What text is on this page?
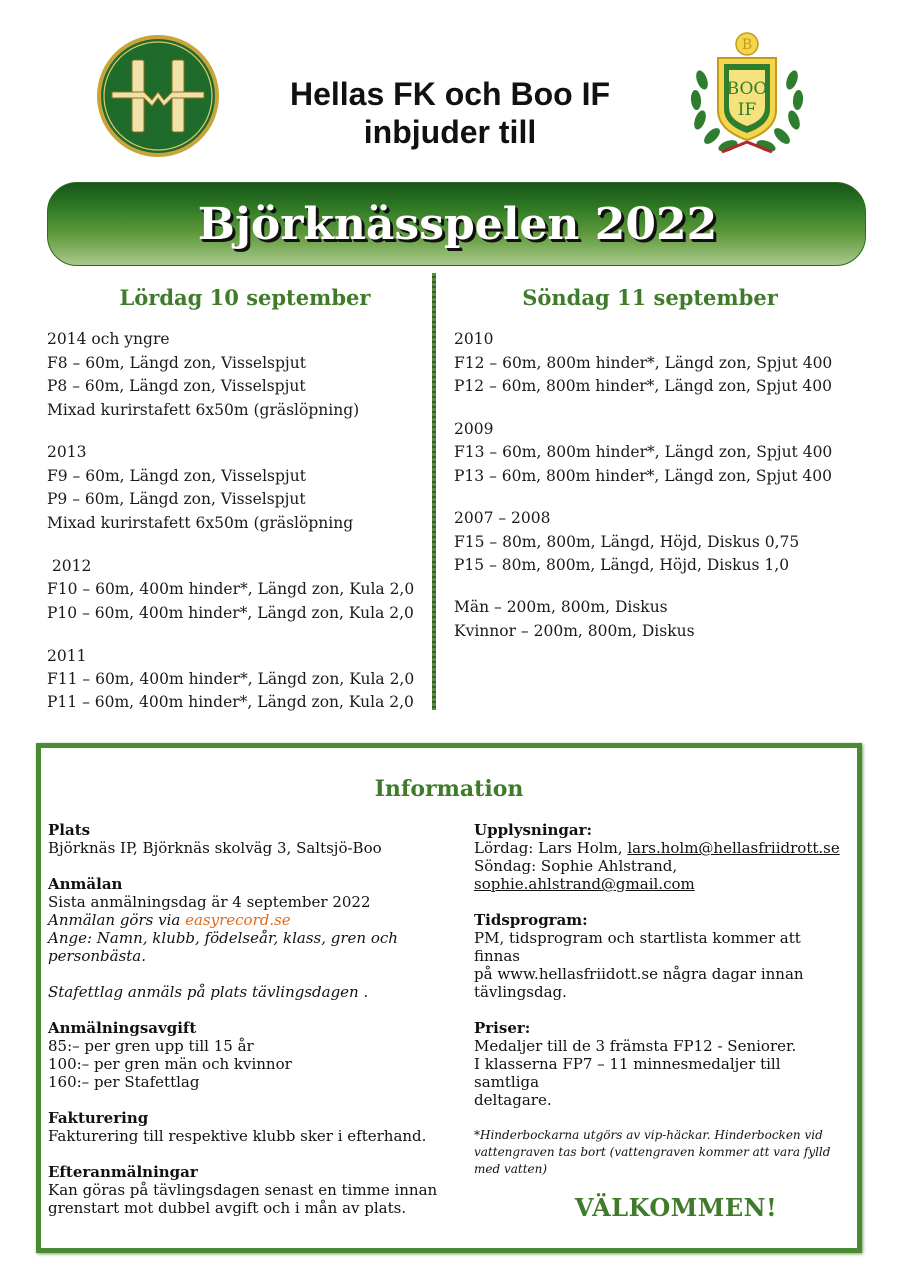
B
BOO
IF
Hellas FK och Boo IF
inbjuder till
Björknässpelen 2022
Lördag 10 september	Söndag 11 september
2014 och yngre
F8 – 60m, Längd zon, Visselspjut
P8 – 60m, Längd zon, Visselspjut
Mixad kurirstafett 6x50m (gräslöpning)
2013
F9 – 60m, Längd zon, Visselspjut
P9 – 60m, Längd zon, Visselspjut
Mixad kurirstafett 6x50m (gräslöpning
2012
F10 – 60m, 400m hinder*, Längd zon, Kula 2,0
P10 – 60m, 400m hinder*, Längd zon, Kula 2,0
2011
F11 – 60m, 400m hinder*, Längd zon, Kula 2,0
P11 – 60m, 400m hinder*, Längd zon, Kula 2,0
2010
F12 – 60m, 800m hinder*, Längd zon, Spjut 400
P12 – 60m, 800m hinder*, Längd zon, Spjut 400
2009
F13 – 60m, 800m hinder*, Längd zon, Spjut 400
P13 – 60m, 800m hinder*, Längd zon, Spjut 400
2007 – 2008
F15 – 80m, 800m, Längd, Höjd, Diskus 0,75
P15 – 80m, 800m, Längd, Höjd, Diskus 1,0
Män – 200m, 800m, Diskus
Kvinnor – 200m, 800m, Diskus
Information
Plats
Björknäs IP, Björknäs skolväg 3, Saltsjö-Boo
Anmälan
Sista anmälningsdag är 4 september 2022
Anmälan görs via easyrecord.se
Ange: Namn, klubb, födelseår, klass, gren och
personbästa.
Stafettlag anmäls på plats tävlingsdagen .
Anmälningsavgift
85:– per gren upp till 15 år
100:– per gren män och kvinnor
160:– per Stafettlag
Fakturering
Fakturering till respektive klubb sker i efterhand.
Efteranmälningar
Kan göras på tävlingsdagen senast en timme innan
grenstart mot dubbel avgift och i mån av plats.
Upplysningar:
Lördag: Lars Holm, lars.holm@hellasfriidrott.se
Söndag: Sophie Ahlstrand,
sophie.ahlstrand@gmail.com
Tidsprogram:
PM, tidsprogram och startlista kommer att finnas
på www.hellasfriidott.se några dagar innan
tävlingsdag.
Priser:
Medaljer till de 3 främsta FP12 - Seniorer.
I klasserna FP7 – 11 minnesmedaljer till samtliga
deltagare.
*Hinderbockarna utgörs av vip-häckar. Hinderbocken vid
vattengraven tas bort (vattengraven kommer att vara fylld
med vatten)
VÄLKOMMEN!
